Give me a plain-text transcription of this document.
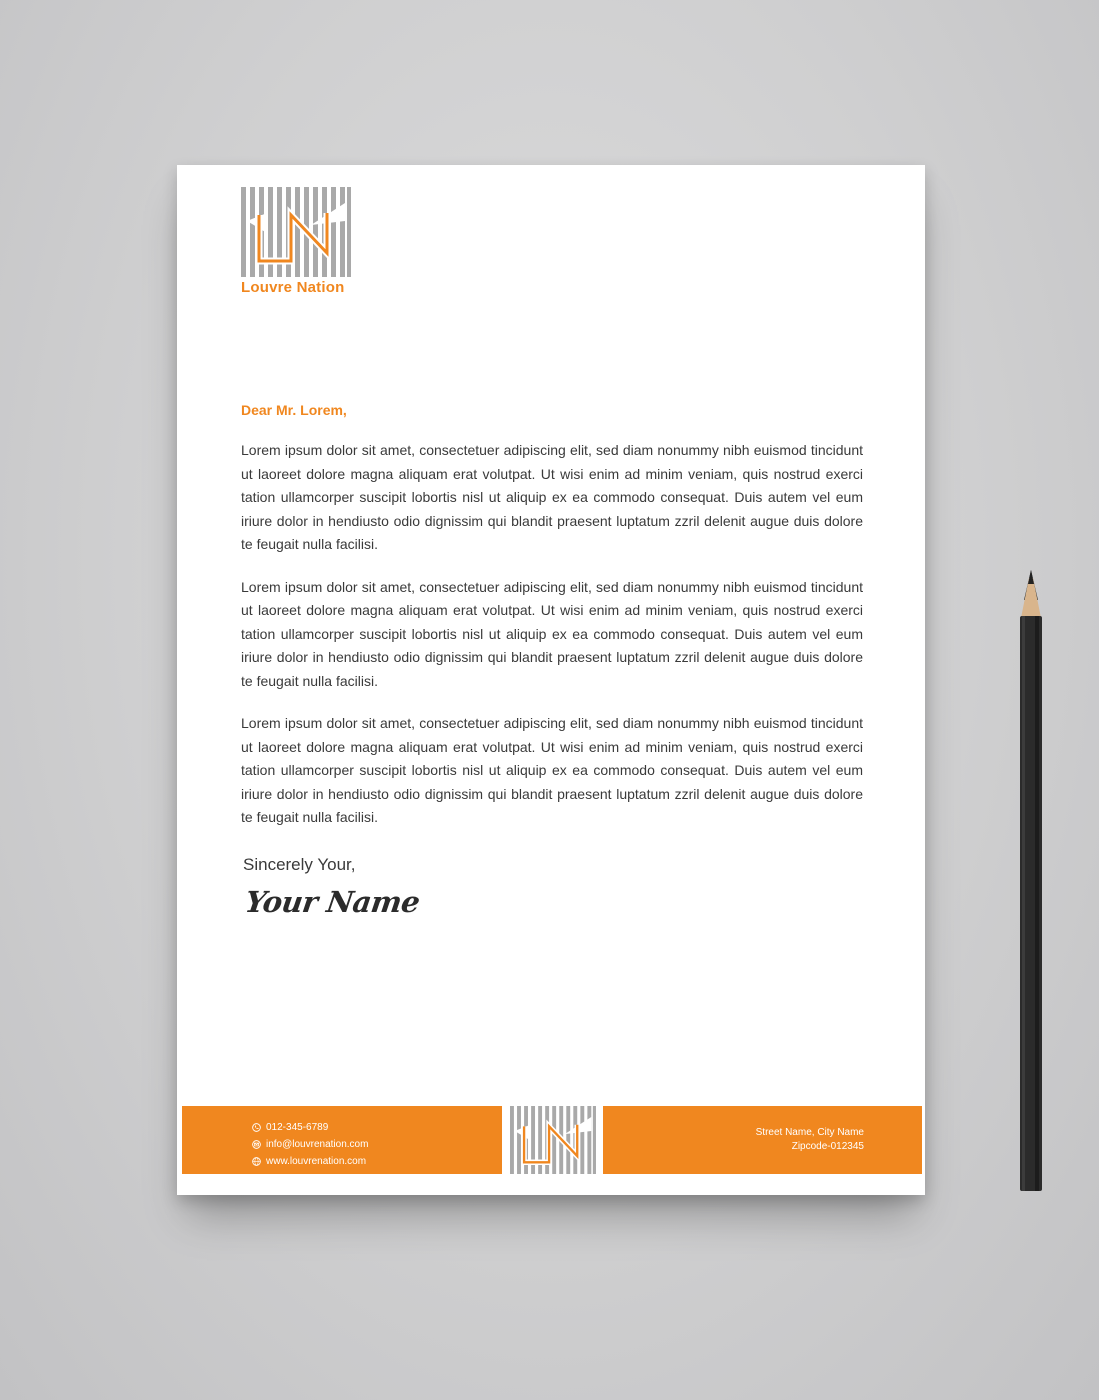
Louvre Nation
Dear Mr. Lorem,

Lorem ipsum dolor sit amet, consectetuer adipiscing elit, sed diam nonummy nibh euismod tincidunt ut laoreet dolore magna aliquam erat volutpat. Ut wisi enim ad minim veniam, quis nostrud exerci tation ullamcorper suscipit lobortis nisl ut aliquip ex ea commodo consequat. Duis autem vel eum iriure dolor in hendiusto odio dignissim qui blandit praesent luptatum zzril delenit augue duis dolore te feugait nulla facilisi.

Lorem ipsum dolor sit amet, consectetuer adipiscing elit, sed diam nonummy nibh euismod tincidunt ut laoreet dolore magna aliquam erat volutpat. Ut wisi enim ad minim veniam, quis nostrud exerci tation ullamcorper suscipit lobortis nisl ut aliquip ex ea commodo consequat. Duis autem vel eum iriure dolor in hendiusto odio dignissim qui blandit praesent luptatum zzril delenit augue duis dolore te feugait nulla facilisi.

Lorem ipsum dolor sit amet, consectetuer adipiscing elit, sed diam nonummy nibh euismod tincidunt ut laoreet dolore magna aliquam erat volutpat. Ut wisi enim ad minim veniam, quis nostrud exerci tation ullamcorper suscipit lobortis nisl ut aliquip ex ea commodo consequat. Duis autem vel eum iriure dolor in hendiusto odio dignissim qui blandit praesent luptatum zzril delenit augue duis dolore te feugait nulla facilisi.

Sincerely Your,
Your Name
012-345-6789
info@louvrenation.com
www.louvrenation.com
Street Name, City Name
Zipcode-012345
